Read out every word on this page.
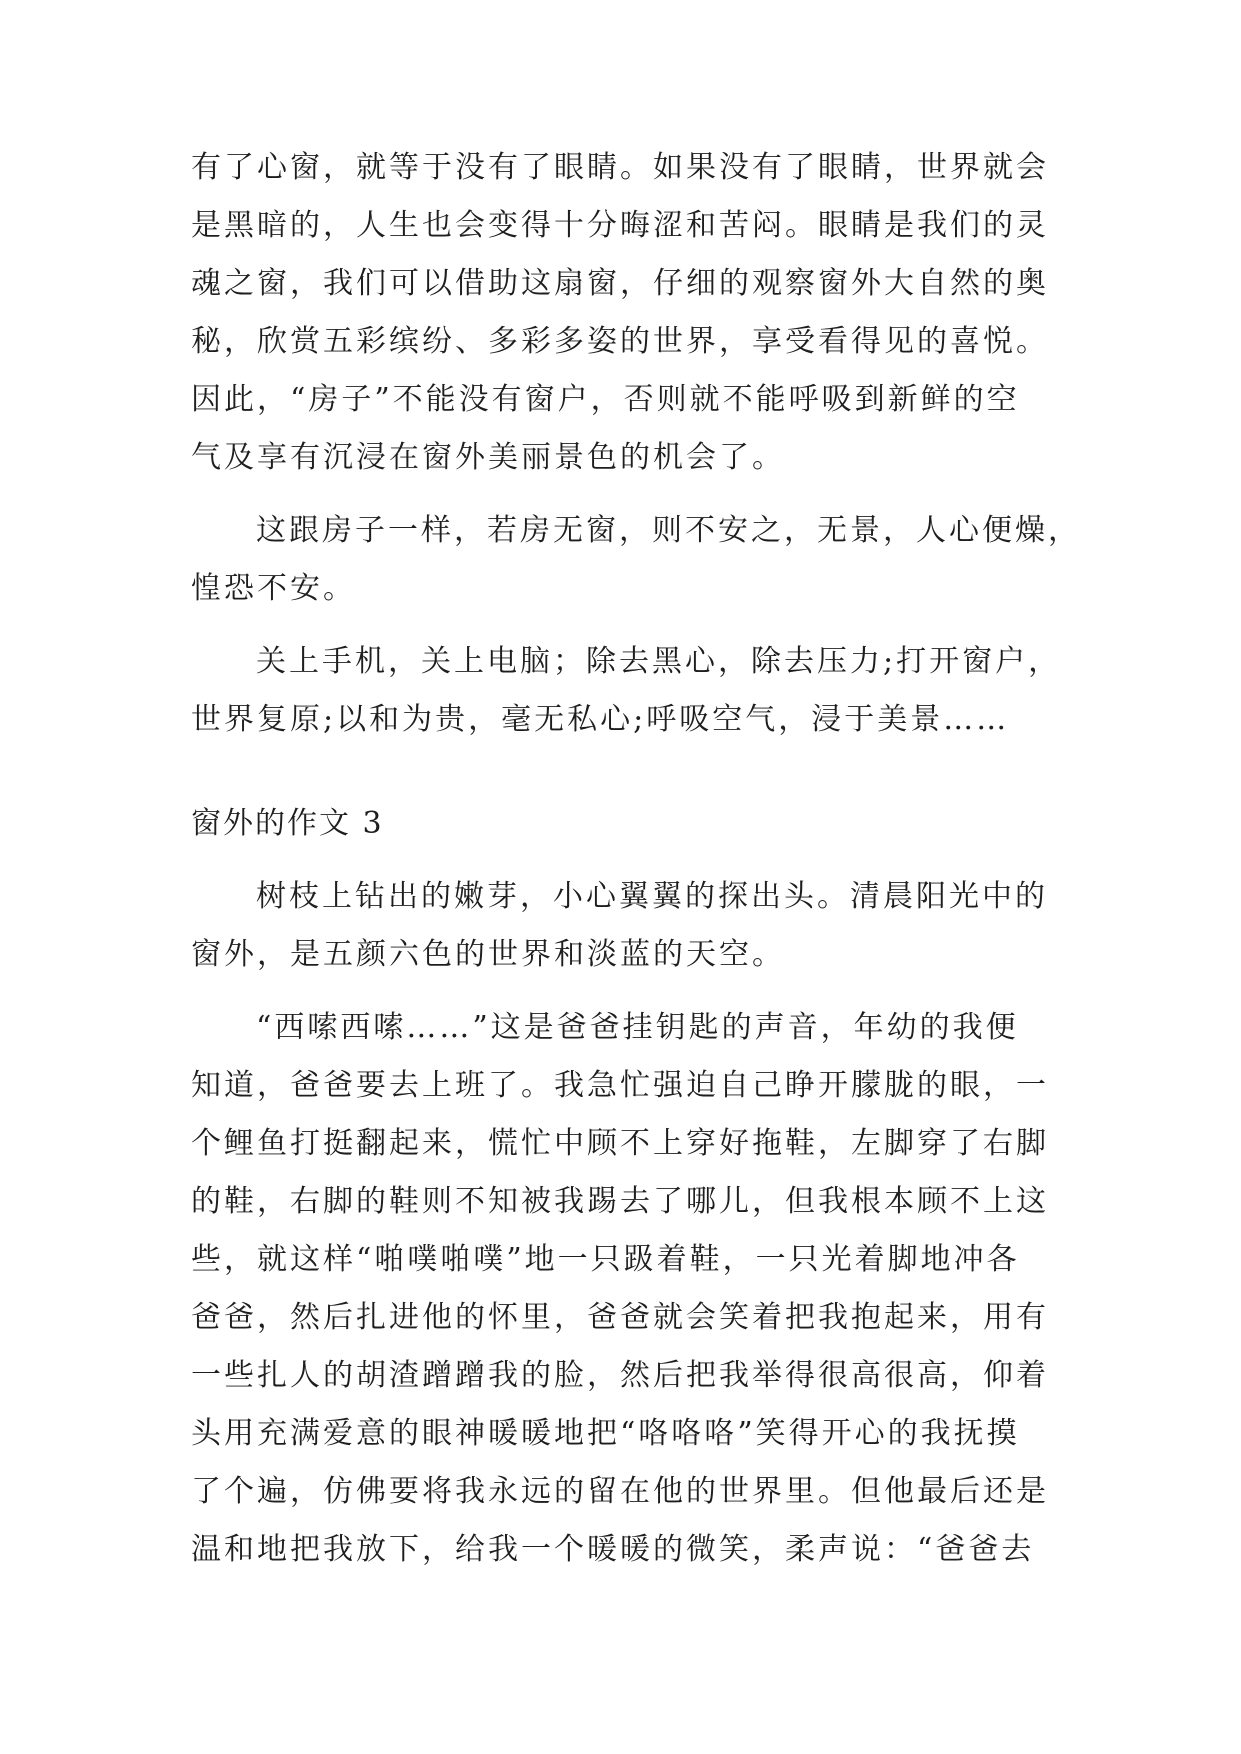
有了心窗，就等于没有了眼睛。如果没有了眼睛，世界就会
是黑暗的，人生也会变得十分晦涩和苦闷。眼睛是我们的灵
魂之窗，我们可以借助这扇窗，仔细的观察窗外大自然的奥
秘，欣赏五彩缤纷、多彩多姿的世界，享受看得见的喜悦。
因此，“房子”不能没有窗户，否则就不能呼吸到新鲜的空
气及享有沉浸在窗外美丽景色的机会了。
这跟房子一样，若房无窗，则不安之，无景，人心便燥，
惶恐不安。
关上手机，关上电脑；除去黑心，除去压力;打开窗户，
世界复原;以和为贵，毫无私心;呼吸空气，浸于美景……
窗外的作文 3
树枝上钻出的嫩芽，小心翼翼的探出头。清晨阳光中的
窗外，是五颜六色的世界和淡蓝的天空。
“西嗦西嗦……”这是爸爸挂钥匙的声音，年幼的我便
知道，爸爸要去上班了。我急忙强迫自己睁开朦胧的眼，一
个鲤鱼打挺翻起来，慌忙中顾不上穿好拖鞋，左脚穿了右脚
的鞋，右脚的鞋则不知被我踢去了哪儿，但我根本顾不上这
些，就这样“啪噗啪噗”地一只趿着鞋，一只光着脚地冲各
爸爸，然后扎进他的怀里，爸爸就会笑着把我抱起来，用有
一些扎人的胡渣蹭蹭我的脸，然后把我举得很高很高，仰着
头用充满爱意的眼神暖暖地把“咯咯咯”笑得开心的我抚摸
了个遍，仿佛要将我永远的留在他的世界里。但他最后还是
温和地把我放下，给我一个暖暖的微笑，柔声说：“爸爸去
